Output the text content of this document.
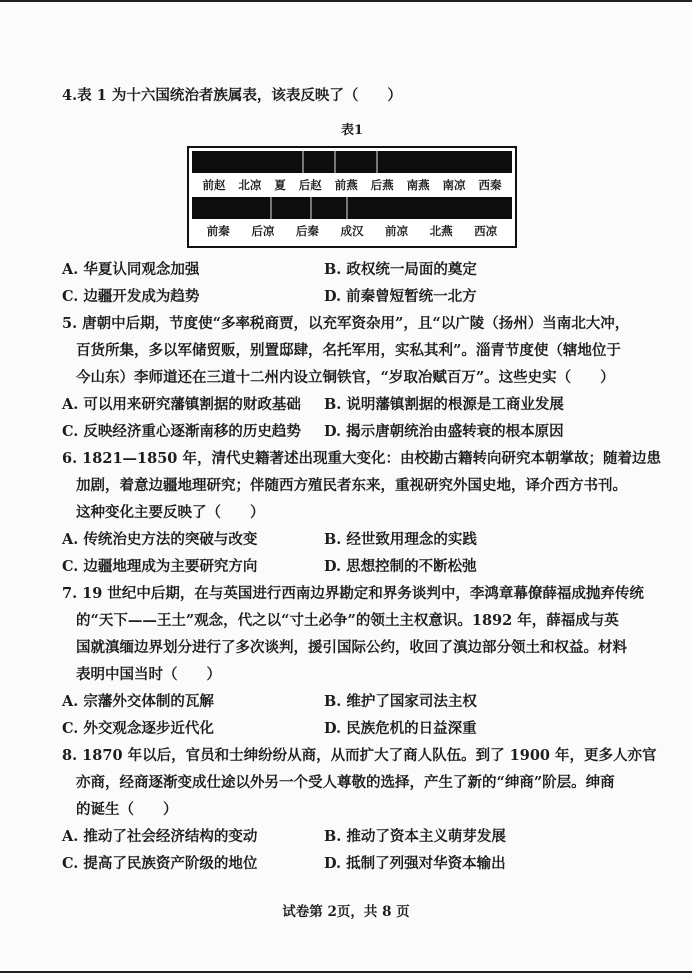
4.表 1 为十六国统治者族属表，该表反映了（　　）
表1
前赵 北凉 夏 后赵 前燕 后燕 南燕 南凉 西秦
前秦 后凉 后秦 成汉 前凉 北燕 西凉
A. 华夏认同观念加强	B. 政权统一局面的奠定
C. 边疆开发成为趋势	D. 前秦曾短暂统一北方
5. 唐朝中后期，节度使“多率税商贾，以充军资杂用”，且“以广陵（扬州）当南北大冲，
百货所集，多以军储贸贩，别置邸肆，名托军用，实私其利”。淄青节度使（辖地位于
今山东）李师道还在三道十二州内设立铜铁官，“岁取冶赋百万”。这些史实（　　）
A. 可以用来研究藩镇割据的财政基础	B. 说明藩镇割据的根源是工商业发展
C. 反映经济重心逐渐南移的历史趋势	D. 揭示唐朝统治由盛转衰的根本原因
6. 1821—1850 年，清代史籍著述出现重大变化：由校勘古籍转向研究本朝掌故；随着边患
加剧，着意边疆地理研究；伴随西方殖民者东来，重视研究外国史地，译介西方书刊。
这种变化主要反映了（　　）
A. 传统治史方法的突破与改变	B. 经世致用理念的实践
C. 边疆地理成为主要研究方向	D. 思想控制的不断松弛
7. 19 世纪中后期，在与英国进行西南边界勘定和界务谈判中，李鸿章幕僚薛福成抛弃传统
的“天下——王土”观念，代之以“寸土必争”的领土主权意识。1892 年，薛福成与英
国就滇缅边界划分进行了多次谈判，援引国际公约，收回了滇边部分领土和权益。材料
表明中国当时（　　）
A. 宗藩外交体制的瓦解	B. 维护了国家司法主权
C. 外交观念逐步近代化	D. 民族危机的日益深重
8. 1870 年以后，官员和士绅纷纷从商，从而扩大了商人队伍。到了 1900 年，更多人亦官
亦商，经商逐渐变成仕途以外另一个受人尊敬的选择，产生了新的“绅商”阶层。绅商
的诞生（　　）
A. 推动了社会经济结构的变动	B. 推动了资本主义萌芽发展
C. 提高了民族资产阶级的地位	D. 抵制了列强对华资本输出
试卷第 2页，共 8 页
